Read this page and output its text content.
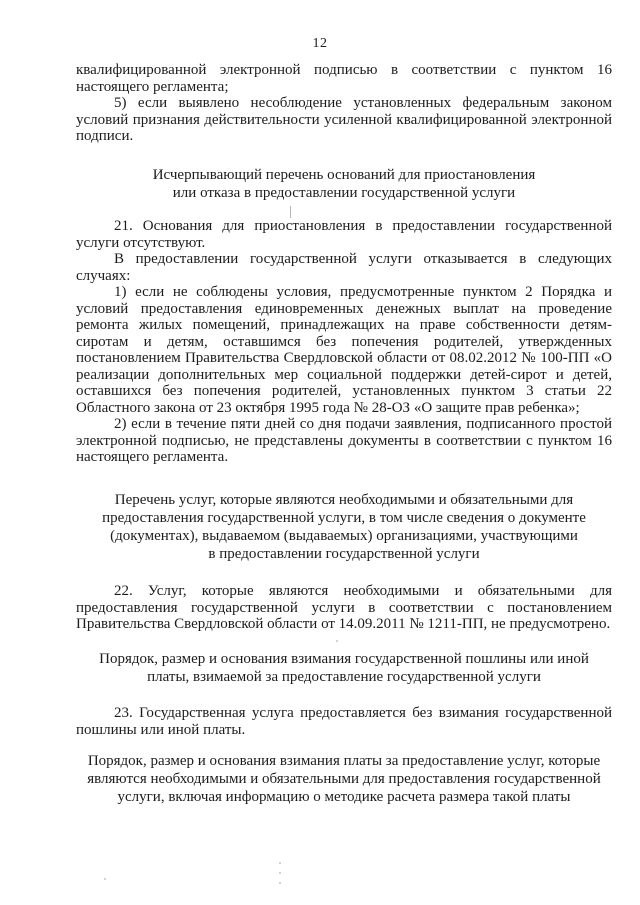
12

квалифицированной электронной подписью в соответствии с пунктом 16 настоящего регламента;

5) если выявлено несоблюдение установленных федеральным законом условий признания действительности усиленной квалифицированной электронной подписи.

Исчерпывающий перечень оснований для приостановления
или отказа в предоставлении государственной услуги

21. Основания для приостановления в предоставлении государственной услуги отсутствуют.

В предоставлении государственной услуги отказывается в следующих случаях:

1) если не соблюдены условия, предусмотренные пунктом 2 Порядка и условий предоставления единовременных денежных выплат на проведение ремонта жилых помещений, принадлежащих на праве собственности детям-сиротам и детям, оставшимся без попечения родителей, утвержденных постановлением Правительства Свердловской области от 08.02.2012 № 100-ПП «О реализации дополнительных мер социальной поддержки детей-сирот и детей, оставшихся без попечения родителей, установленных пунктом 3 статьи 22 Областного закона от 23 октября 1995 года № 28-ОЗ «О защите прав ребенка»;

2) если в течение пяти дней со дня подачи заявления, подписанного простой электронной подписью, не представлены документы в соответствии с пунктом 16 настоящего регламента.

Перечень услуг, которые являются необходимыми и обязательными для
предоставления государственной услуги, в том числе сведения о документе
(документах), выдаваемом (выдаваемых) организациями, участвующими
в предоставлении государственной услуги

22. Услуг, которые являются необходимыми и обязательными для предоставления государственной услуги в соответствии с постановлением Правительства Свердловской области от 14.09.2011 № 1211-ПП, не предусмотрено.

Порядок, размер и основания взимания государственной пошлины или иной
платы, взимаемой за предоставление государственной услуги

23. Государственная услуга предоставляется без взимания государственной пошлины или иной платы.

Порядок, размер и основания взимания платы за предоставление услуг, которые
являются необходимыми и обязательными для предоставления государственной
услуги, включая информацию о методике расчета размера такой платы
